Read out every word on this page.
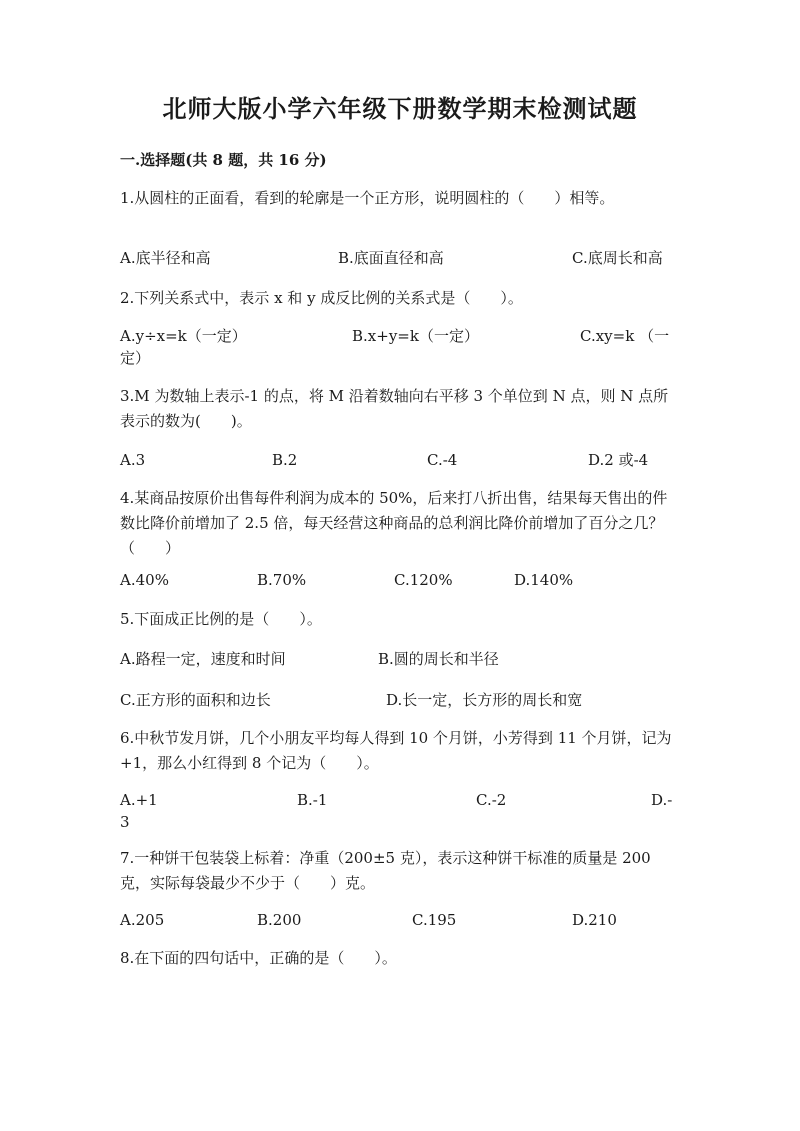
北师大版小学六年级下册数学期末检测试题
一.选择题(共 8 题，共 16 分)
1.从圆柱的正面看，看到的轮廓是一个正方形，说明圆柱的（　　）相等。
A.底半径和高	B.底面直径和高	C.底周长和高
2.下列关系式中，表示 x 和 y 成反比例的关系式是（　　）。
A.y÷x=k（一定）	B.x+y=k（一定）	C.xy=k （一
定）
3.M 为数轴上表示-1 的点，将 M 沿着数轴向右平移 3 个单位到 N 点，则 N 点所表示的数为(　　)。
A.3	B.2	C.-4	D.2 或-4
4.某商品按原价出售每件利润为成本的 50%，后来打八折出售，结果每天售出的件数比降价前增加了 2.5 倍，每天经营这种商品的总利润比降价前增加了百分之几？（　　）
A.40%	B.70%	C.120%	D.140%
5.下面成正比例的是（　　）。
A.路程一定，速度和时间	B.圆的周长和半径
C.正方形的面积和边长	D.长一定，长方形的周长和宽
6.中秋节发月饼，几个小朋友平均每人得到 10 个月饼，小芳得到 11 个月饼，记为+1，那么小红得到 8 个记为（　　）。
A.+1	B.-1	C.-2	D.-
3
7.一种饼干包装袋上标着：净重（200±5 克），表示这种饼干标准的质量是 200 克，实际每袋最少不少于（　　）克。
A.205	B.200	C.195	D.210
8.在下面的四句话中，正确的是（　　）。
